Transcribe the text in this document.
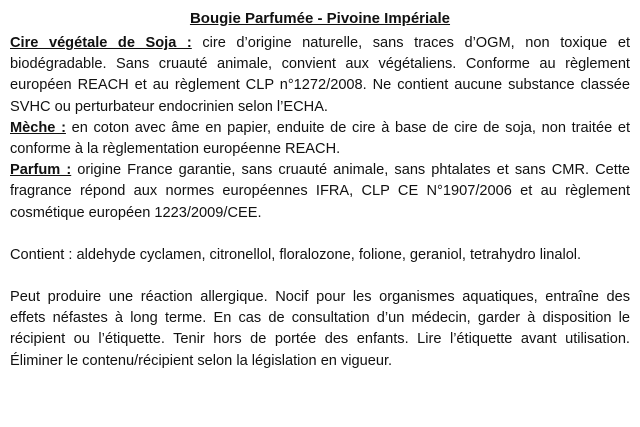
Bougie Parfumée - Pivoine Impériale

Cire végétale de Soja : cire d’origine naturelle, sans traces d’OGM, non toxique et biodégradable. Sans cruauté animale, convient aux végétaliens. Conforme au règlement européen REACH et au règlement CLP n°1272/2008. Ne contient aucune substance classée SVHC ou perturbateur endocrinien selon l’ECHA.

Mèche : en coton avec âme en papier, enduite de cire à base de cire de soja, non traitée et conforme à la règlementation européenne REACH.

Parfum : origine France garantie, sans cruauté animale, sans phtalates et sans CMR. Cette fragrance répond aux normes européennes IFRA, CLP CE N°1907/2006 et au règlement cosmétique européen 1223/2009/CEE.

Contient : aldehyde cyclamen, citronellol, floralozone, folione, geraniol, tetrahydro linalol.

Peut produire une réaction allergique. Nocif pour les organismes aquatiques, entraîne des effets néfastes à long terme. En cas de consultation d’un médecin, garder à disposition le récipient ou l’étiquette. Tenir hors de portée des enfants. Lire l’étiquette avant utilisation. Éliminer le contenu/récipient selon la législation en vigueur.
